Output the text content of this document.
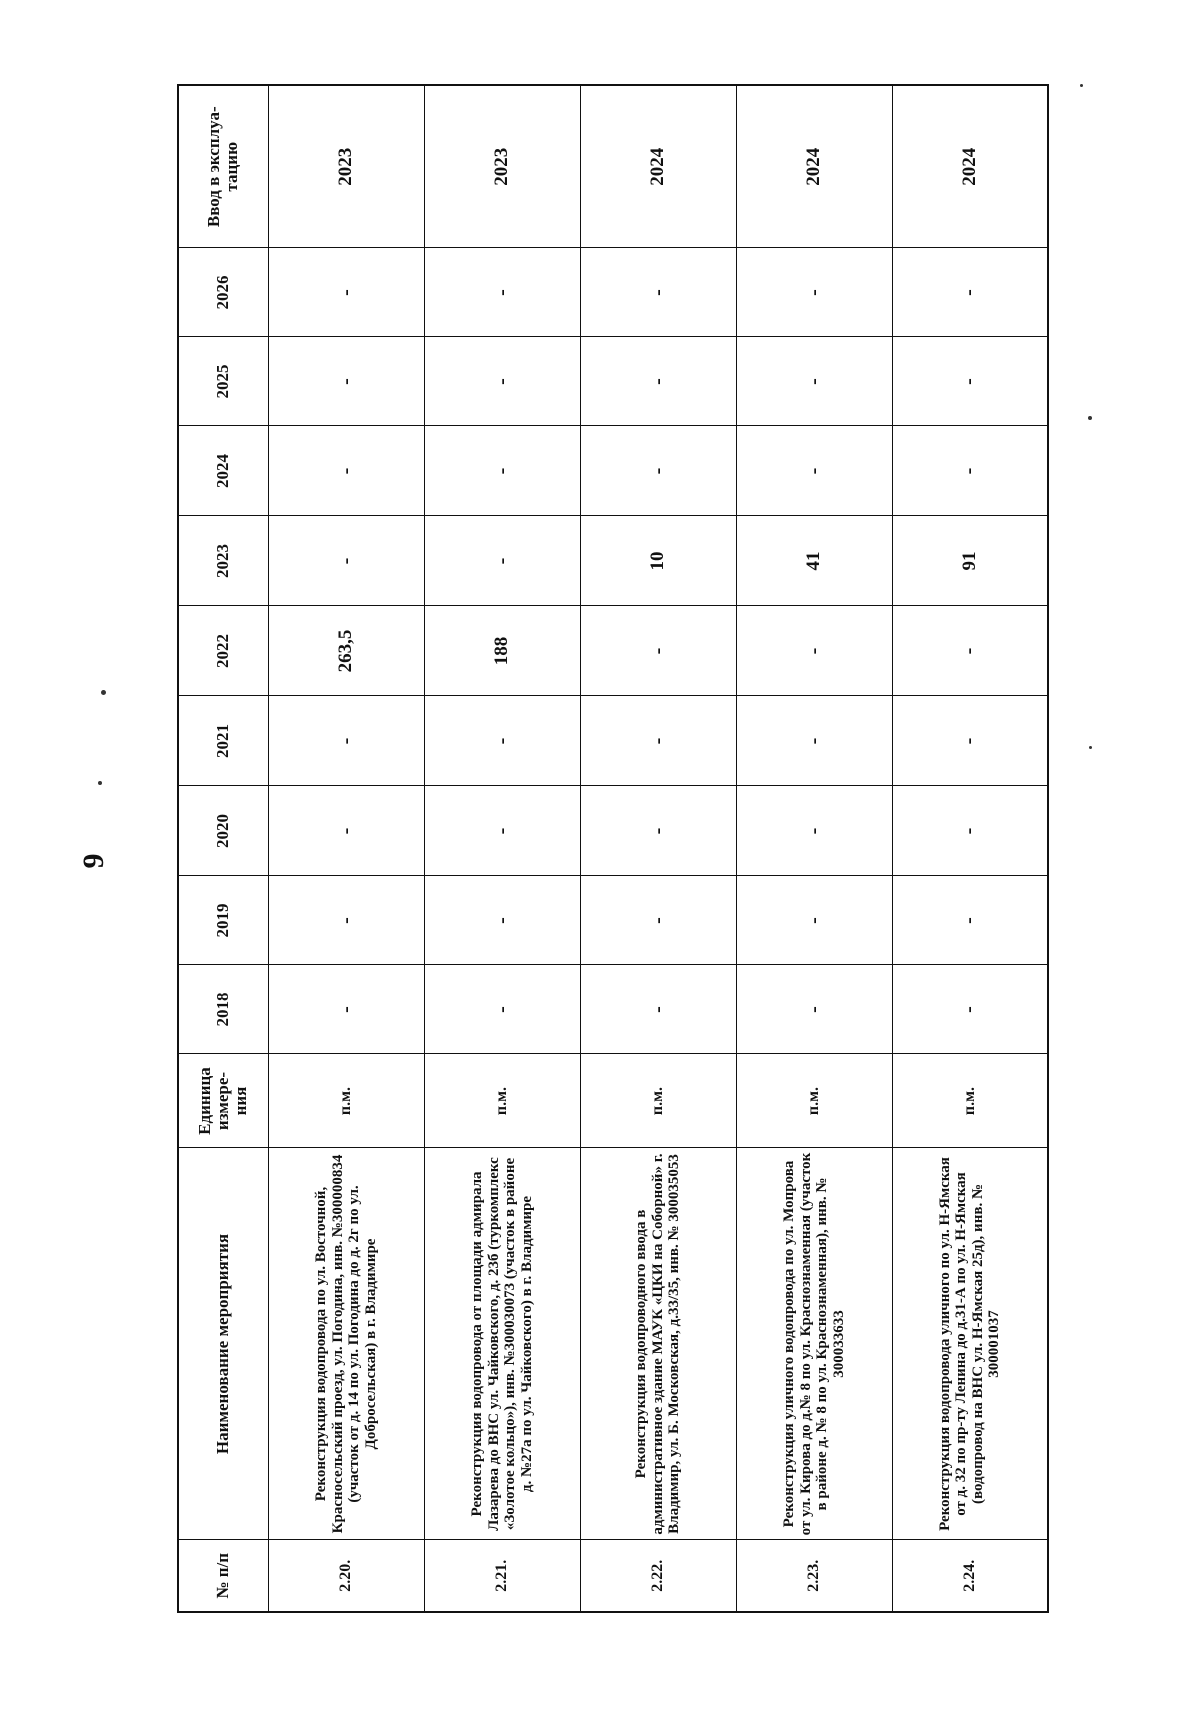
9
№ п/п	Наименование мероприятия	Единица измере-ния	2018	2019	2020	2021	2022	2023	2024	2025	2026	Ввод в эксплуа-тацию
2.20.	Реконструкция водопровода по ул. Восточной, Красносельский проезд, ул. Погодина, инв. №300000834 (участок от д. 14 по ул. Погодина до д. 2г по ул. Добросельская) в г. Владимире	п.м.	-	-	-	-	263,5	-	-	-	-	2023
2.21.	Реконструкция водопровода от площади адмирала Лазарева до ВНС ул. Чайковского, д. 23б (туркомплекс «Золотое кольцо»), инв. №300030073 (участок в районе д. №27а по ул. Чайковского) в г. Владимире	п.м.	-	-	-	-	188	-	-	-	-	2023
2.22.	Реконструкция водопроводного ввода в административное здание МАУК «ЦКИ на Соборной» г. Владимир, ул. Б. Московская, д.33/35, инв. № 300035053	п.м.	-	-	-	-	-	10	-	-	-	2024
2.23.	Реконструкция уличного водопровода по ул. Мопрова от ул. Кирова до д.№ 8 по ул. Краснознаменная (участок в районе д. № 8 по ул. Краснознаменная), инв. № 300033633	п.м.	-	-	-	-	-	41	-	-	-	2024
2.24.	Реконструкция водопровода уличного по ул. Н-Ямская от д. 32 по пр-ту Ленина до д.31-А по ул. Н-Ямская (водопровод на ВНС ул. Н-Ямская 25д), инв. № 300001037	п.м.	-	-	-	-	-	91	-	-	-	2024
